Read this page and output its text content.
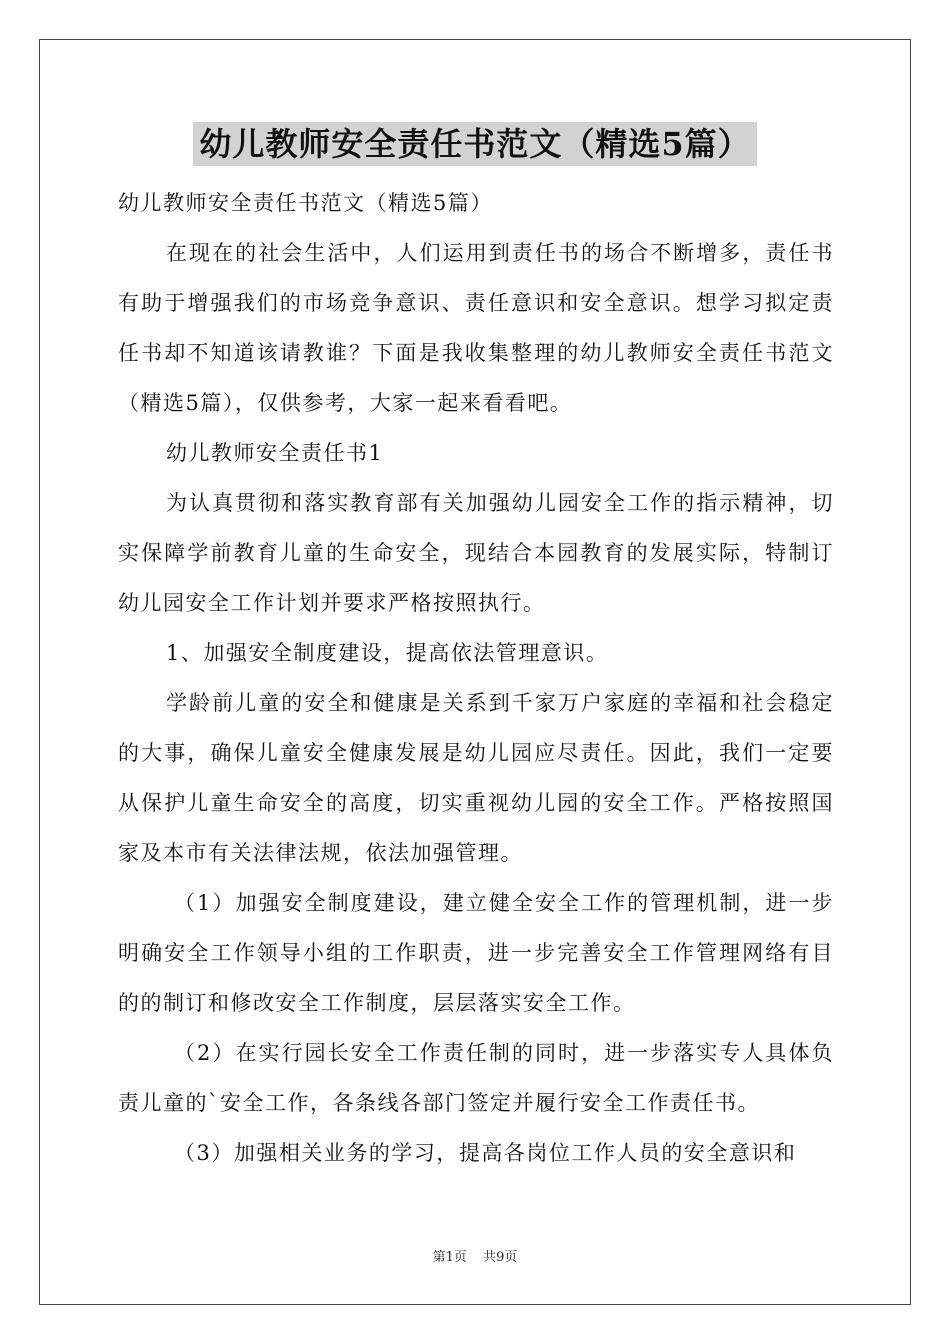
幼儿教师安全责任书范文（精选5篇）

幼儿教师安全责任书范文（精选5篇）

在现在的社会生活中，人们运用到责任书的场合不断增多，责任书有助于增强我们的市场竞争意识、责任意识和安全意识。想学习拟定责任书却不知道该请教谁？下面是我收集整理的幼儿教师安全责任书范文（精选5篇），仅供参考，大家一起来看看吧。

幼儿教师安全责任书1

为认真贯彻和落实教育部有关加强幼儿园安全工作的指示精神，切实保障学前教育儿童的生命安全，现结合本园教育的发展实际，特制订幼儿园安全工作计划并要求严格按照执行。

1、加强安全制度建设，提高依法管理意识。

学龄前儿童的安全和健康是关系到千家万户家庭的幸福和社会稳定的大事，确保儿童安全健康发展是幼儿园应尽责任。因此，我们一定要从保护儿童生命安全的高度，切实重视幼儿园的安全工作。严格按照国家及本市有关法律法规，依法加强管理。

（1）加强安全制度建设，建立健全安全工作的管理机制，进一步明确安全工作领导小组的工作职责，进一步完善安全工作管理网络有目的的制订和修改安全工作制度，层层落实安全工作。

（2）在实行园长安全工作责任制的同时，进一步落实专人具体负责儿童的`安全工作，各条线各部门签定并履行安全工作责任书。

（3）加强相关业务的学习，提高各岗位工作人员的安全意识和

第1页 共9页
